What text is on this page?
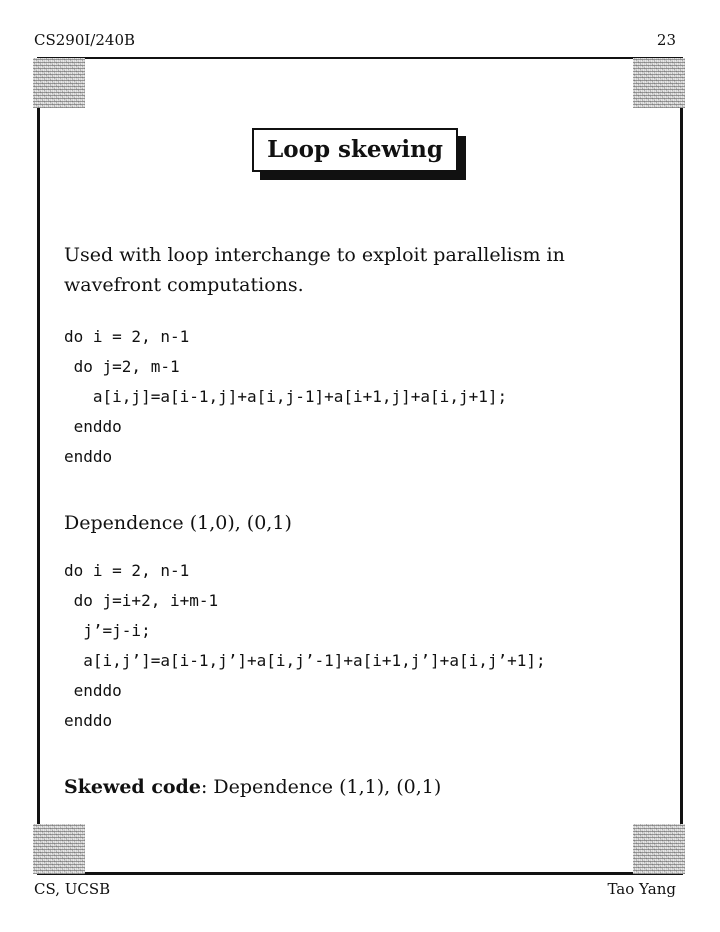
CS290I/240B	23
Loop skewing
Used with loop interchange to exploit parallelism in wavefront computations.
do i = 2, n-1
do j=2, m-1
a[i,j]=a[i-1,j]+a[i,j-1]+a[i+1,j]+a[i,j+1];
enddo
enddo
Dependence (1,0), (0,1)
do i = 2, n-1
do j=i+2, i+m-1
j’=j-i;
a[i,j’]=a[i-1,j’]+a[i,j’-1]+a[i+1,j’]+a[i,j’+1];
enddo
enddo
Skewed code: Dependence (1,1), (0,1)
CS, UCSB	Tao Yang
